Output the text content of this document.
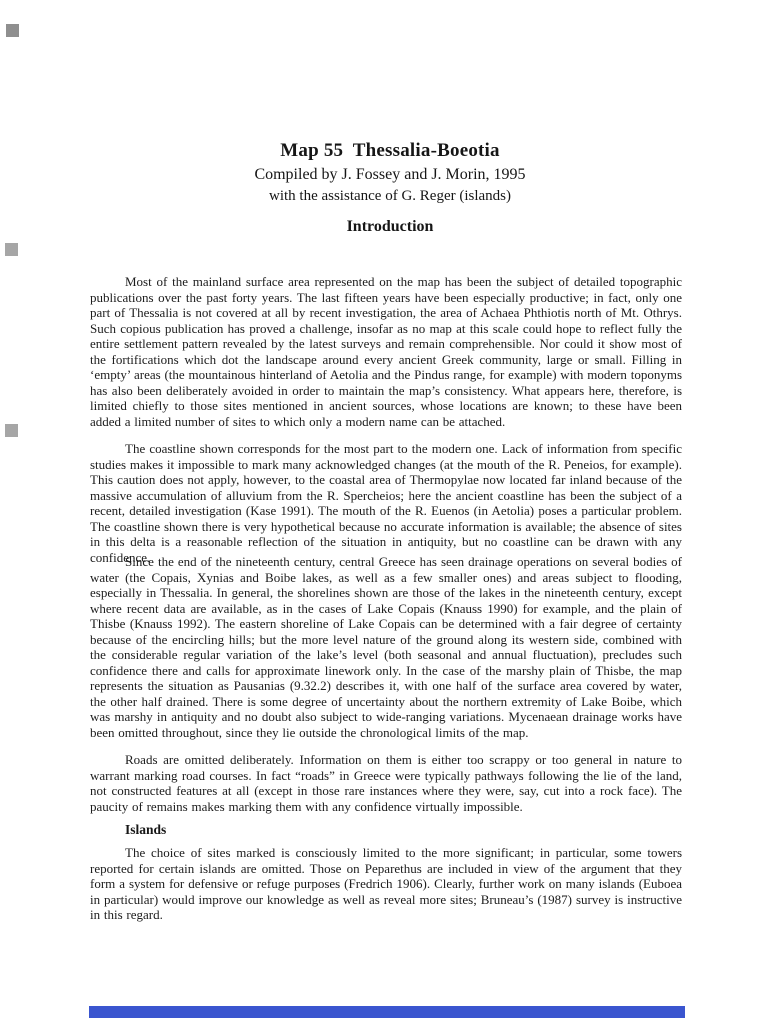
Map 55  Thessalia-Boeotia
Compiled by J. Fossey and J. Morin, 1995
with the assistance of G. Reger (islands)
Introduction
Most of the mainland surface area represented on the map has been the subject of detailed topographic publications over the past forty years. The last fifteen years have been especially productive; in fact, only one part of Thessalia is not covered at all by recent investigation, the area of Achaea Phthiotis north of Mt. Othrys. Such copious publication has proved a challenge, insofar as no map at this scale could hope to reflect fully the entire settlement pattern revealed by the latest surveys and remain comprehensible. Nor could it show most of the fortifications which dot the landscape around every ancient Greek community, large or small. Filling in ‘empty’ areas (the mountainous hinterland of Aetolia and the Pindus range, for example) with modern toponyms has also been deliberately avoided in order to maintain the map’s consistency. What appears here, therefore, is limited chiefly to those sites mentioned in ancient sources, whose locations are known; to these have been added a limited number of sites to which only a modern name can be attached.
The coastline shown corresponds for the most part to the modern one. Lack of information from specific studies makes it impossible to mark many acknowledged changes (at the mouth of the R. Peneios, for example). This caution does not apply, however, to the coastal area of Thermopylae now located far inland because of the massive accumulation of alluvium from the R. Spercheios; here the ancient coastline has been the subject of a recent, detailed investigation (Kase 1991). The mouth of the R. Euenos (in Aetolia) poses a particular problem. The coastline shown there is very hypothetical because no accurate information is available; the absence of sites in this delta is a reasonable reflection of the situation in antiquity, but no coastline can be drawn with any confidence.
Since the end of the nineteenth century, central Greece has seen drainage operations on several bodies of water (the Copais, Xynias and Boibe lakes, as well as a few smaller ones) and areas subject to flooding, especially in Thessalia. In general, the shorelines shown are those of the lakes in the nineteenth century, except where recent data are available, as in the cases of Lake Copais (Knauss 1990) for example, and the plain of Thisbe (Knauss 1992). The eastern shoreline of Lake Copais can be determined with a fair degree of certainty because of the encircling hills; but the more level nature of the ground along its western side, combined with the considerable regular variation of the lake’s level (both seasonal and annual fluctuation), precludes such confidence there and calls for approximate linework only. In the case of the marshy plain of Thisbe, the map represents the situation as Pausanias (9.32.2) describes it, with one half of the surface area covered by water, the other half drained. There is some degree of uncertainty about the northern extremity of Lake Boibe, which was marshy in antiquity and no doubt also subject to wide-ranging variations. Mycenaean drainage works have been omitted throughout, since they lie outside the chronological limits of the map.
Roads are omitted deliberately. Information on them is either too scrappy or too general in nature to warrant marking road courses. In fact “roads” in Greece were typically pathways following the lie of the land, not constructed features at all (except in those rare instances where they were, say, cut into a rock face). The paucity of remains makes marking them with any confidence virtually impossible.
Islands
The choice of sites marked is consciously limited to the more significant; in particular, some towers reported for certain islands are omitted. Those on Peparethus are included in view of the argument that they form a system for defensive or refuge purposes (Fredrich 1906). Clearly, further work on many islands (Euboea in particular) would improve our knowledge as well as reveal more sites; Bruneau’s (1987) survey is instructive in this regard.
